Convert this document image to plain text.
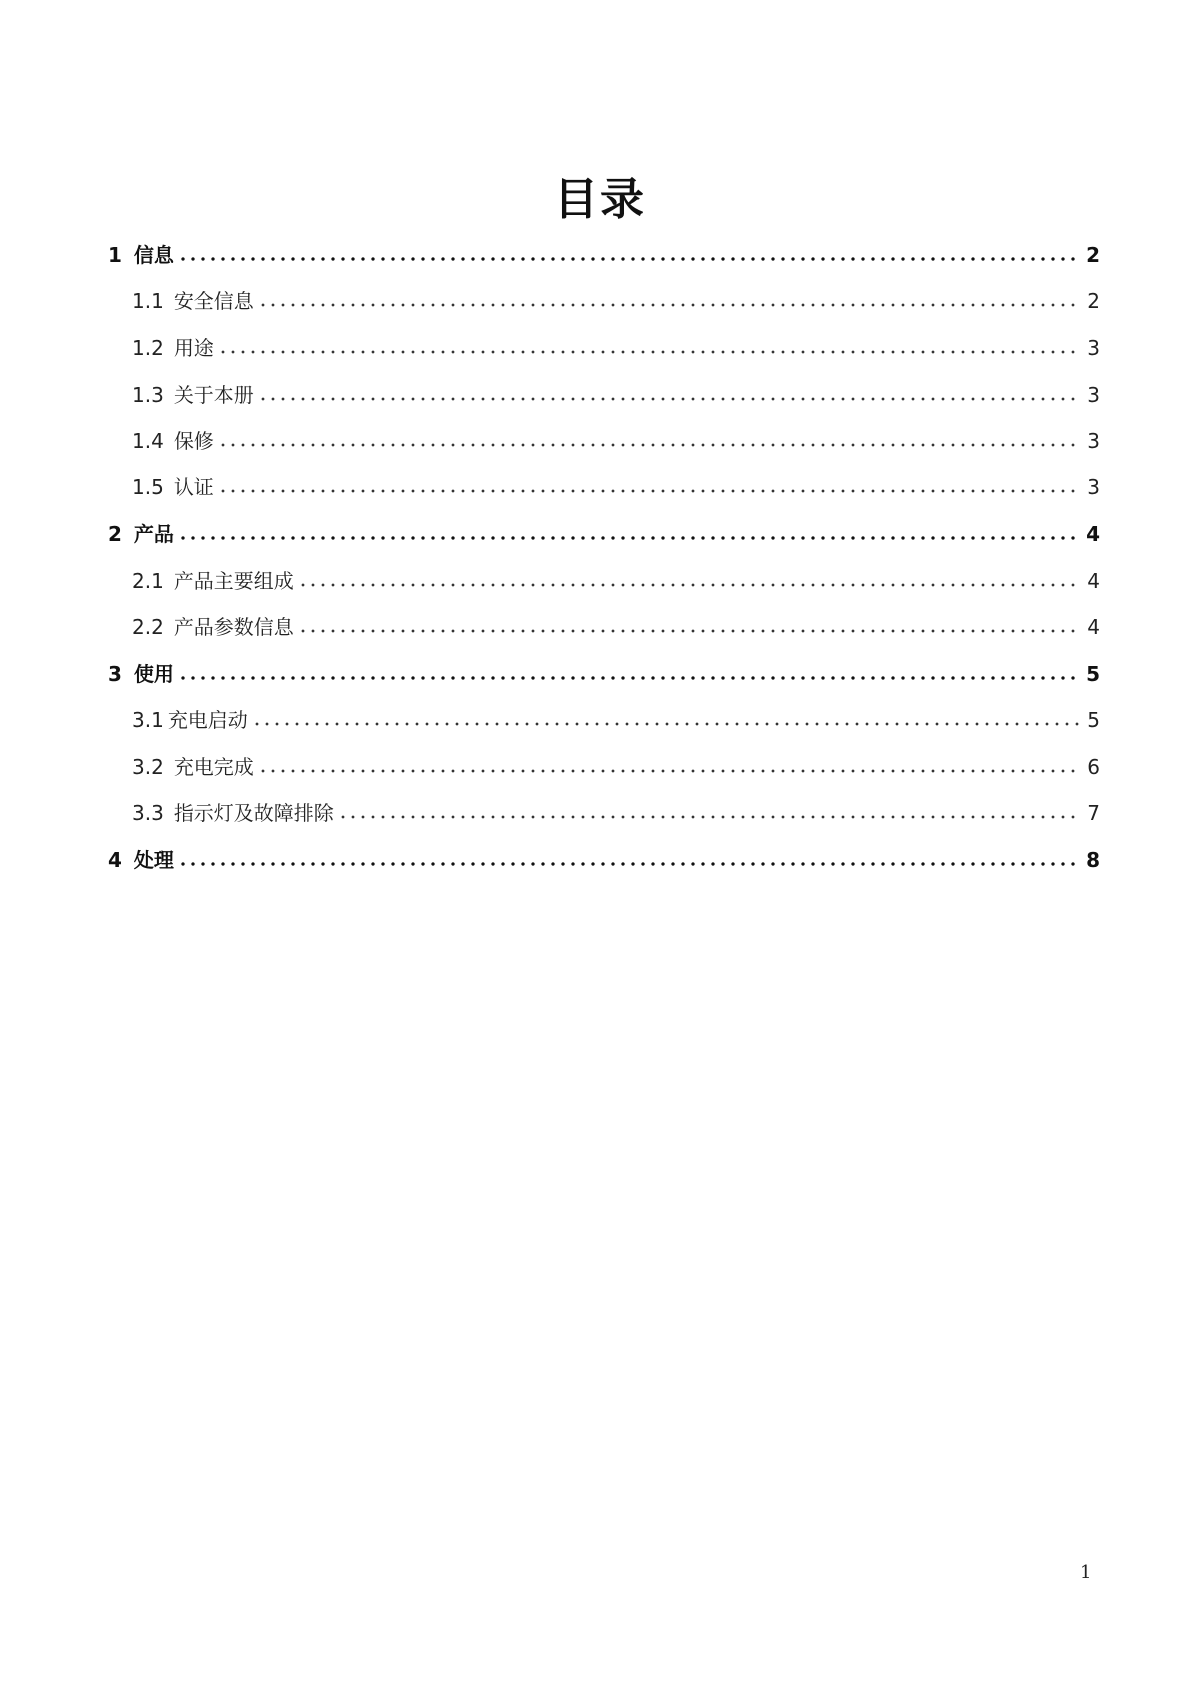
目录
1 信息	2
1.1 安全信息	2
1.2 用途	3
1.3 关于本册	3
1.4 保修	3
1.5 认证	3
2 产品	4
2.1 产品主要组成	4
2.2 产品参数信息	4
3 使用	5
3.1 充电启动	5
3.2 充电完成	6
3.3 指示灯及故障排除	7
4 处理	8
1
